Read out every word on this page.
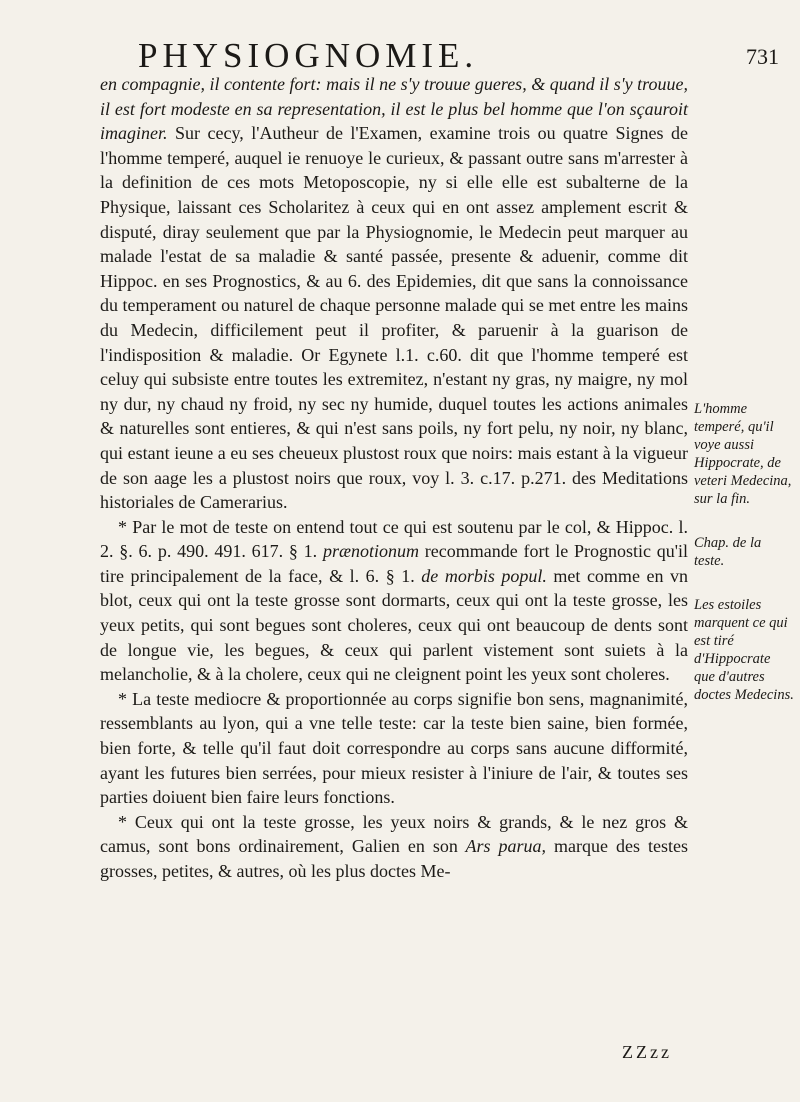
PHYSIOGNOMIE.	731

en compagnie, il contente fort: mais il ne s'y trouue gueres, & quand il s'y trouue, il est fort modeste en sa representation, il est le plus bel homme que l'on sçauroit imaginer. Sur cecy, l'Autheur de l'Examen, examine trois ou quatre Signes de l'homme temperé, auquel ie renuoye le curieux, & passant outre sans m'arrester à la definition de ces mots Metoposcopie, ny si elle elle est subalterne de la Physique, laissant ces Scholaritez à ceux qui en ont assez amplement escrit & disputé, diray seulement que par la Physiognomie, le Medecin peut marquer au malade l'estat de sa maladie & santé passée, presente & aduenir, comme dit Hippoc. en ses Prognostics, & au 6. des Epidemies, dit que sans la connoissance du temperament ou naturel de chaque personne malade qui se met entre les mains du Medecin, difficilement peut il profiter, & paruenir à la guarison de l'indisposition & maladie. Or Egynete l.1. c.60. dit que l'homme temperé est celuy qui subsiste entre toutes les extremitez, n'estant ny gras, ny maigre, ny mol ny dur, ny chaud ny froid, ny sec ny humide, duquel toutes les actions animales & naturelles sont entieres, & qui n'est sans poils, ny fort pelu, ny noir, ny blanc, qui estant ieune a eu ses cheueux plustost roux que noirs: mais estant à la vigueur de son aage les a plustost noirs que roux, voy l. 3. c.17. p.271. des Meditations historiales de Camerarius.

* Par le mot de teste on entend tout ce qui est soutenu par le col, & Hippoc. l. 2. §. 6. p. 490. 491. 617. § 1. prænotionum recommande fort le Prognostic qu'il tire principalement de la face, & l. 6. § 1. de morbis popul. met comme en vn blot, ceux qui ont la teste grosse sont dormarts, ceux qui ont la teste grosse, les yeux petits, qui sont begues sont choleres, ceux qui ont beaucoup de dents sont de longue vie, les begues, & ceux qui parlent vistement sont suiets à la melancholie, & à la cholere, ceux qui ne cleignent point les yeux sont choleres.

* La teste mediocre & proportionnée au corps signifie bon sens, magnanimité, ressemblants au lyon, qui a vne telle teste: car la teste bien saine, bien formée, bien forte, & telle qu'il faut doit correspondre au corps sans aucune difformité, ayant les futures bien serrées, pour mieux resister à l'iniure de l'air, & toutes ses parties doiuent bien faire leurs fonctions.

* Ceux qui ont la teste grosse, les yeux noirs & grands, & le nez gros & camus, sont bons ordinairement, Galien en son Ars parua, marque des testes grosses, petites, & autres, où les plus doctes Me-

L'homme temperé, qu'il voye aussi Hippocrate, de veteri Medecina, sur la fin.
Chap. de la teste.
Les estoiles marquent ce qui est tiré d'Hippocrate que d'autres doctes Medecins.
ZZzz
